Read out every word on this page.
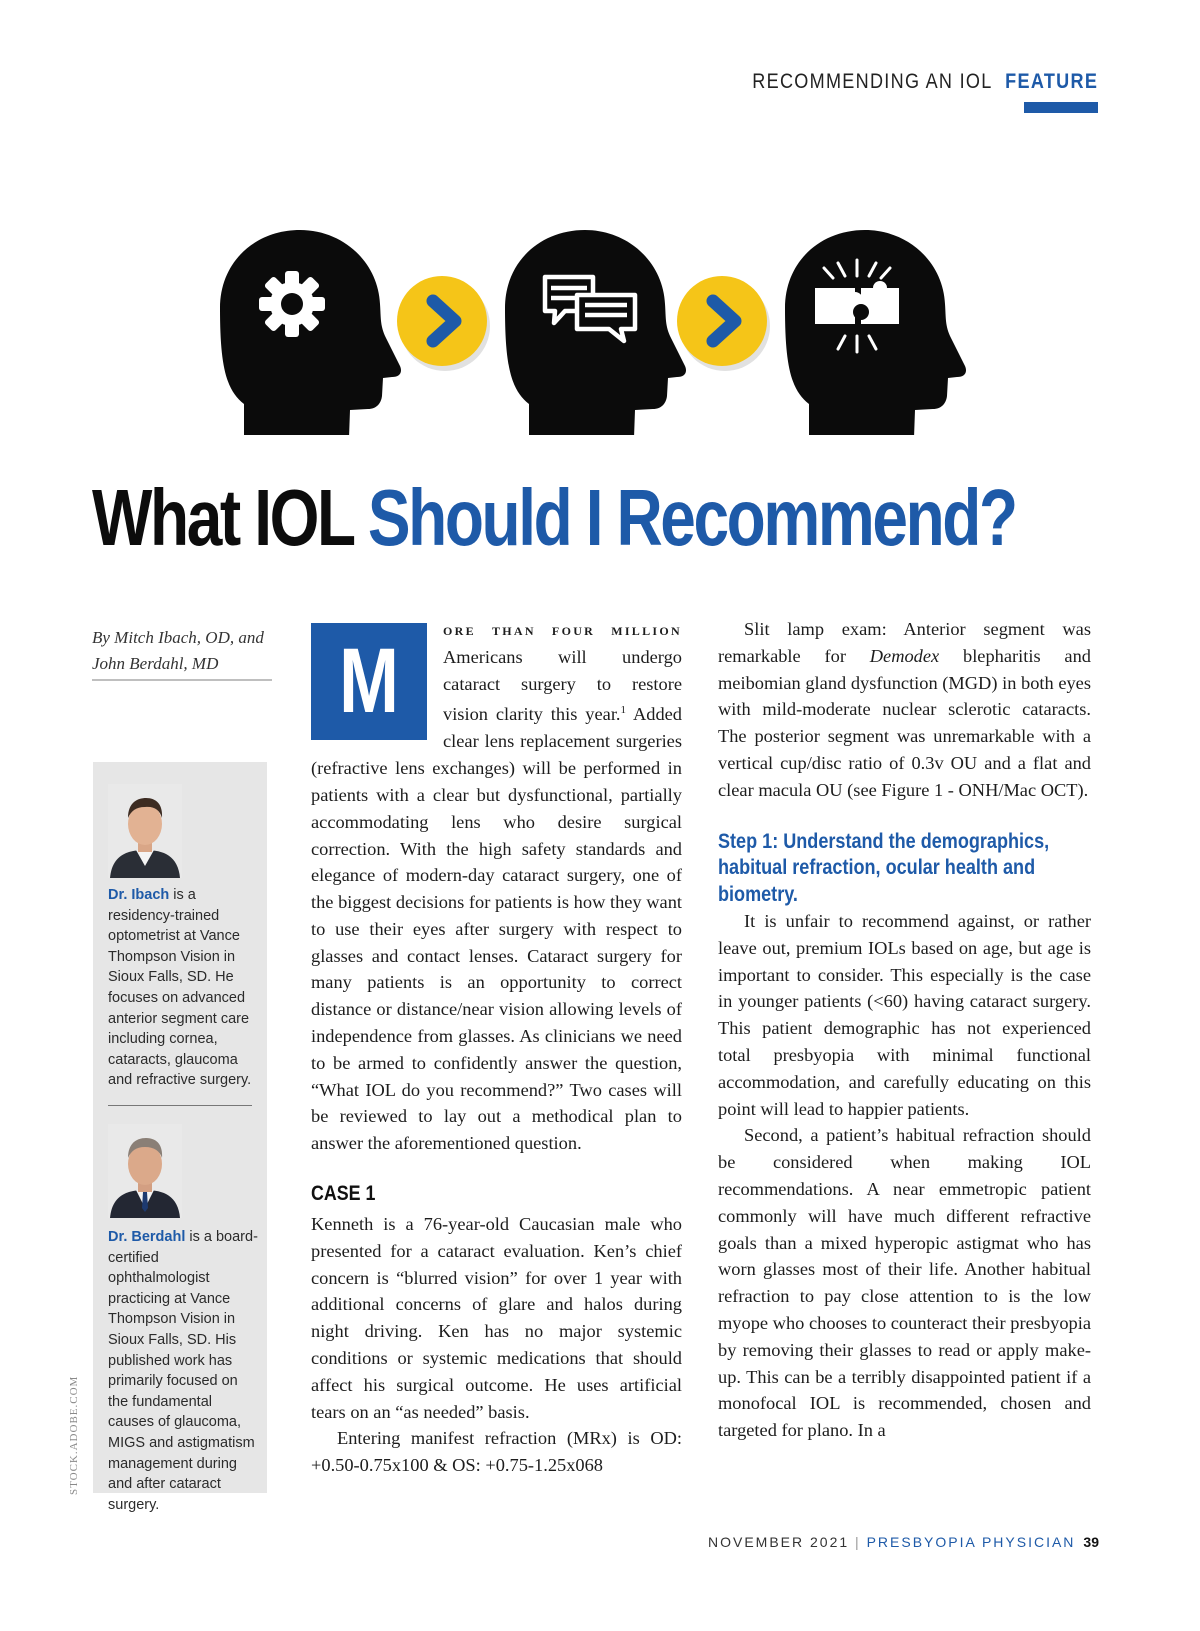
RECOMMENDING AN IOL FEATURE
What IOL Should I Recommend?
By Mitch Ibach, OD, and John Berdahl, MD
Dr. Ibach is a residency-trained optometrist at Vance Thompson Vision in Sioux Falls, SD. He focuses on advanced anterior segment care including cornea, cataracts, glaucoma and refractive surgery.
Dr. Berdahl is a board-certified ophthalmologist practicing at Vance Thompson Vision in Sioux Falls, SD. His published work has primarily focused on the fundamental causes of glaucoma, MIGS and astigmatism management during and after cataract surgery.
STOCK.ADOBE.COM
M

ore than four million Americans will undergo cataract surgery to restore vision clarity this year.$^1$ Added clear lens replacement surgeries (refractive lens exchanges) will be performed in patients with a clear but dysfunctional, partially accommodating lens who desire surgical correction. With the high safety standards and elegance of modern-day cataract surgery, one of the biggest decisions for patients is how they want to use their eyes after surgery with respect to glasses and contact lenses. Cataract surgery for many patients is an opportunity to correct distance or distance/near vision allowing levels of independence from glasses. As clinicians we need to be armed to confidently answer the question, “What IOL do you recommend?” Two cases will be reviewed to lay out a methodical plan to answer the aforementioned question.

CASE 1

Kenneth is a 76-year-old Caucasian male who presented for a cataract evaluation. Ken’s chief concern is “blurred vision” for over 1 year with additional concerns of glare and halos during night driving. Ken has no major systemic conditions or systemic medications that should affect his surgical outcome. He uses artificial tears on an “as needed” basis.

Entering manifest refraction (MRx) is OD: +0.50-0.75x100 & OS: +0.75-1.25x068

Slit lamp exam: Anterior segment was remarkable for Demodex blepharitis and meibomian gland dysfunction (MGD) in both eyes with mild-moderate nuclear sclerotic cataracts. The posterior segment was unremarkable with a vertical cup/disc ratio of 0.3v OU and a flat and clear macula OU (see Figure 1 - ONH/Mac OCT).

Step 1: Understand the demographics, habitual refraction, ocular health and biometry.

It is unfair to recommend against, or rather leave out, premium IOLs based on age, but age is important to consider. This especially is the case in younger patients (<60) having cataract surgery. This patient demographic has not experienced total presbyopia with minimal functional accommodation, and carefully educating on this point will lead to happier patients.

Second, a patient’s habitual refraction should be considered when making IOL recommendations. A near emmetropic patient commonly will have much different refractive goals than a mixed hyperopic astigmat who has worn glasses most of their life. Another habitual refraction to pay close attention to is the low myope who chooses to counteract their presbyopia by removing their glasses to read or apply make-up. This can be a terribly disappointed patient if a monofocal IOL is recommended, chosen and targeted for plano. In a

NOVEMBER 2021 | PRESBYOPIA PHYSICIAN 39
